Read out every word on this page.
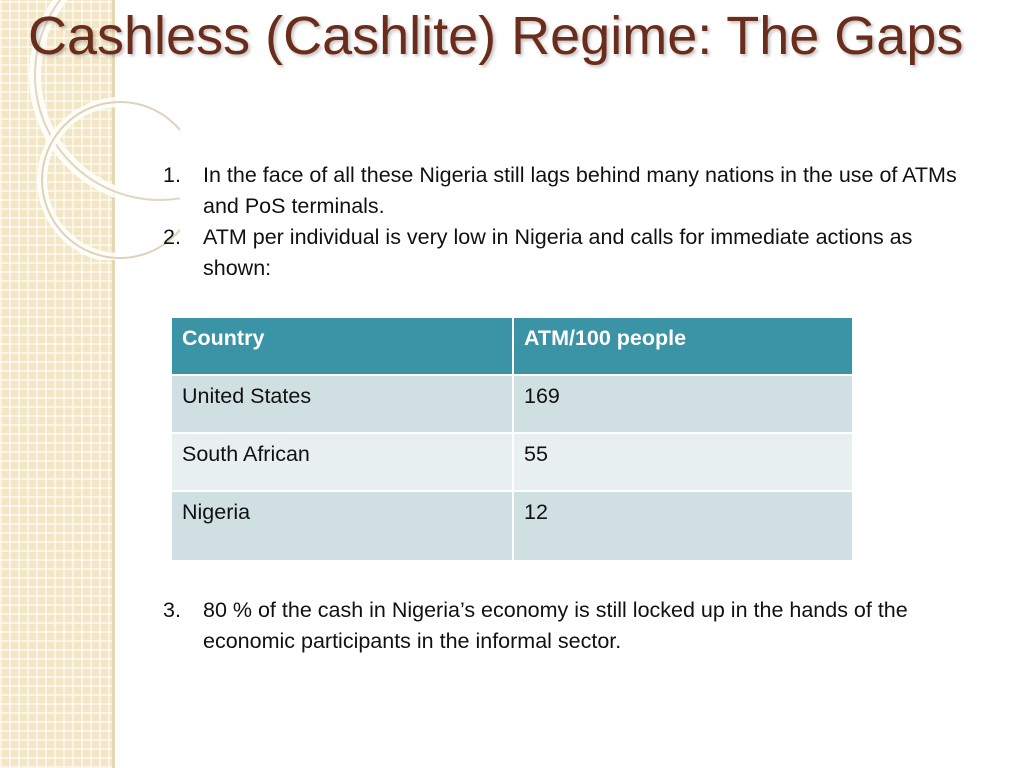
Cashless (Cashlite) Regime: The Gaps

1. In the face of all these Nigeria still lags behind many nations in the use of ATMs and PoS terminals.

2. ATM per individual is very low in Nigeria and calls for immediate actions as shown:

Country	ATM/100 people
United States	169
South African	55
Nigeria	12

3. 80 % of the cash in Nigeria’s economy is still locked up in the hands of the economic participants in the informal sector.
